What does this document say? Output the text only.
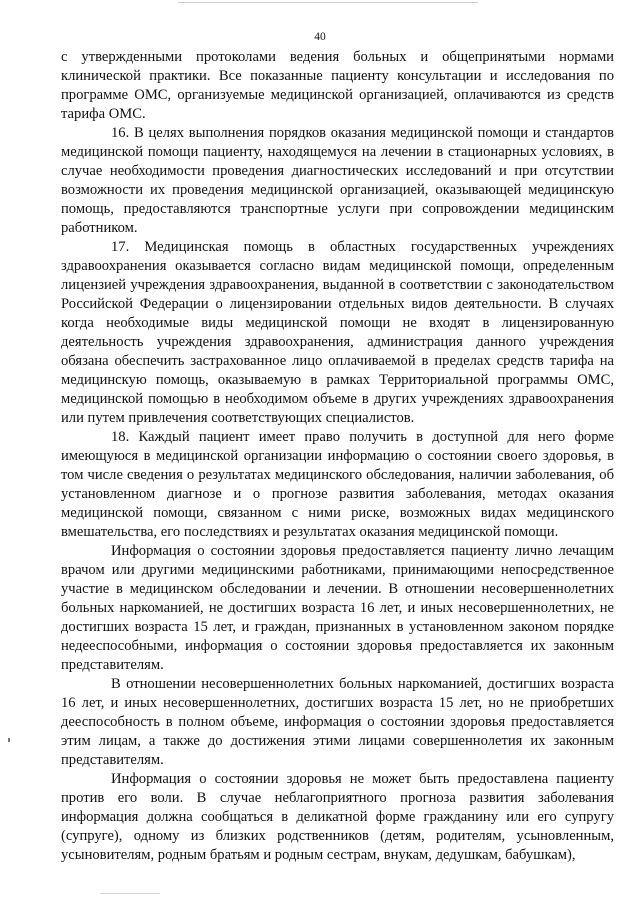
40

с утвержденными протоколами ведения больных и общепринятыми нормами клинической практики. Все показанные пациенту консультации и исследования по программе ОМС, организуемые медицинской организацией, оплачиваются из средств тарифа ОМС.

16. В целях выполнения порядков оказания медицинской помощи и стандартов медицинской помощи пациенту, находящемуся на лечении в стационарных условиях, в случае необходимости проведения диагностических исследований и при отсутствии возможности их проведения медицинской организацией, оказывающей медицинскую помощь, предоставляются транспортные услуги при сопровождении медицинским работником.

17. Медицинская помощь в областных государственных учреждениях здравоохранения оказывается согласно видам медицинской помощи, определенным лицензией учреждения здравоохранения, выданной в соответствии с законодательством Российской Федерации о лицензировании отдельных видов деятельности. В случаях когда необходимые виды медицинской помощи не входят в лицензированную деятельность учреждения здравоохранения, администрация данного учреждения обязана обеспечить застрахованное лицо оплачиваемой в пределах средств тарифа на медицинскую помощь, оказываемую в рамках Территориальной программы ОМС, медицинской помощью в необходимом объеме в других учреждениях здравоохранения или путем привлечения соответствующих специалистов.

18. Каждый пациент имеет право получить в доступной для него форме имеющуюся в медицинской организации информацию о состоянии своего здоровья, в том числе сведения о результатах медицинского обследования, наличии заболевания, об установленном диагнозе и о прогнозе развития заболевания, методах оказания медицинской помощи, связанном с ними риске, возможных видах медицинского вмешательства, его последствиях и результатах оказания медицинской помощи.

Информация о состоянии здоровья предоставляется пациенту лично лечащим врачом или другими медицинскими работниками, принимающими непосредственное участие в медицинском обследовании и лечении. В отношении несовершеннолетних больных наркоманией, не достигших возраста 16 лет, и иных несовершеннолетних, не достигших возраста 15 лет, и граждан, признанных в установленном законом порядке недееспособными, информация о состоянии здоровья предоставляется их законным представителям.

В отношении несовершеннолетних больных наркоманией, достигших возраста 16 лет, и иных несовершеннолетних, достигших возраста 15 лет, но не приобретших дееспособность в полном объеме, информация о состоянии здоровья предоставляется этим лицам, а также до достижения этими лицами совершеннолетия их законным представителям.

Информация о состоянии здоровья не может быть предоставлена пациенту против его воли. В случае неблагоприятного прогноза развития заболевания информация должна сообщаться в деликатной форме гражданину или его супругу (супруге), одному из близких родственников (детям, родителям, усыновленным, усыновителям, родным братьям и родным сестрам, внукам, дедушкам, бабушкам),
